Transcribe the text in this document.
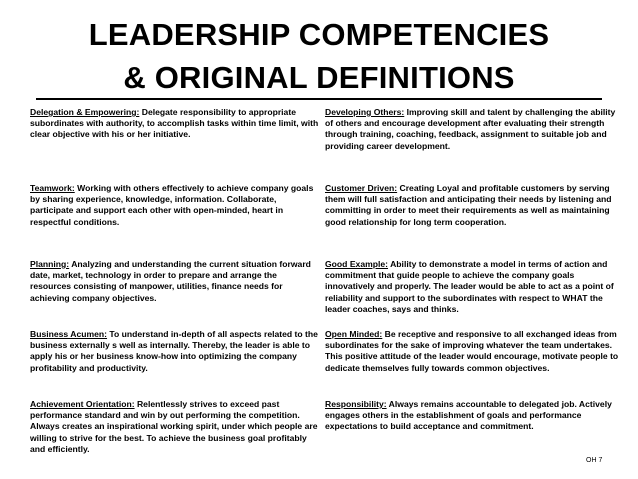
LEADERSHIP COMPETENCIES
& ORIGINAL DEFINITIONS
Delegation & Empowering: Delegate responsibility to appropriate subordinates with authority, to accomplish tasks within time limit, with clear objective with his or her initiative.
Developing Others: Improving skill and talent by challenging the ability of others and encourage development after evaluating their strength through training, coaching, feedback, assignment to suitable job and providing career development.
Teamwork: Working with others effectively to achieve company goals by sharing experience, knowledge, information. Collaborate, participate and support each other with open-minded, heart in respectful conditions.
Customer Driven: Creating Loyal and profitable customers by serving them will full satisfaction and anticipating their needs by listening and committing in order to meet their requirements as well as maintaining good relationship for long term cooperation.
Planning: Analyzing and understanding the current situation forward date, market, technology in order to prepare and arrange the resources consisting of manpower, utilities, finance needs for achieving company objectives.
Good Example: Ability to demonstrate a model in terms of action and commitment that guide people to achieve the company goals innovatively and properly. The leader would be able to act as a point of reliability and support to the subordinates with respect to WHAT the leader coaches, says and thinks.
Business Acumen: To understand in-depth of all aspects related to the business externally s well as internally. Thereby, the leader is able to apply his or her business know-how into optimizing the company profitability and productivity.
Open Minded: Be receptive and responsive to all exchanged ideas from subordinates for the sake of improving whatever the team undertakes. This positive attitude of the leader would encourage, motivate people to dedicate themselves fully towards common objectives.
Achievement Orientation: Relentlessly strives to exceed past performance standard and win by out performing the competition. Always creates an inspirational working spirit, under which people are willing to strive for the best. To achieve the business goal profitably and efficiently.
Responsibility: Always remains accountable to delegated job. Actively engages others in the establishment of goals and performance expectations to build acceptance and commitment.
OH 7
